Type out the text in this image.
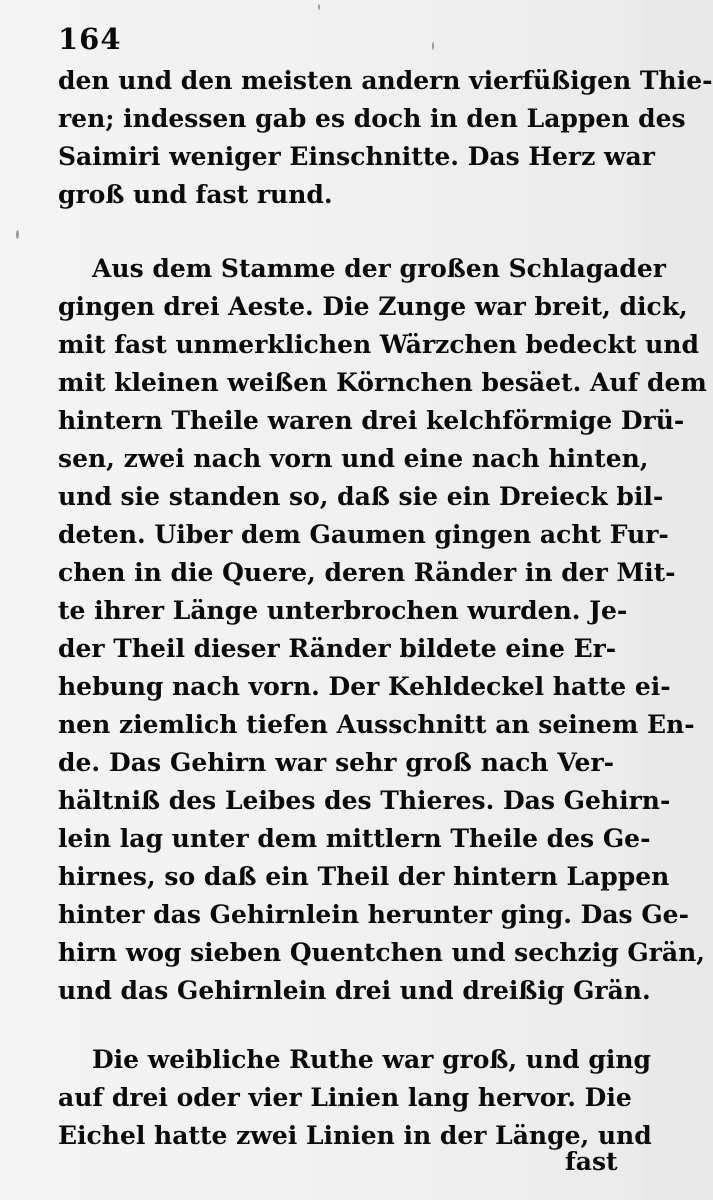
164
den und den meisten andern vierfüßigen Thie-
ren; indessen gab es doch in den Lappen des
Saimiri weniger Einschnitte. Das Herz war
groß und fast rund.
Aus dem Stamme der großen Schlagader
gingen drei Aeste. Die Zunge war breit, dick,
mit fast unmerklichen Wärzchen bedeckt und
mit kleinen weißen Körnchen besäet. Auf dem
hintern Theile waren drei kelchförmige Drü-
sen, zwei nach vorn und eine nach hinten,
und sie standen so, daß sie ein Dreieck bil-
deten. Uiber dem Gaumen gingen acht Fur-
chen in die Quere, deren Ränder in der Mit-
te ihrer Länge unterbrochen wurden. Je-
der Theil dieser Ränder bildete eine Er-
hebung nach vorn. Der Kehldeckel hatte ei-
nen ziemlich tiefen Ausschnitt an seinem En-
de. Das Gehirn war sehr groß nach Ver-
hältniß des Leibes des Thieres. Das Gehirn-
lein lag unter dem mittlern Theile des Ge-
hirnes, so daß ein Theil der hintern Lappen
hinter das Gehirnlein herunter ging. Das Ge-
hirn wog sieben Quentchen und sechzig Grän,
und das Gehirnlein drei und dreißig Grän.
Die weibliche Ruthe war groß, und ging
auf drei oder vier Linien lang hervor. Die
Eichel hatte zwei Linien in der Länge, und
fast
